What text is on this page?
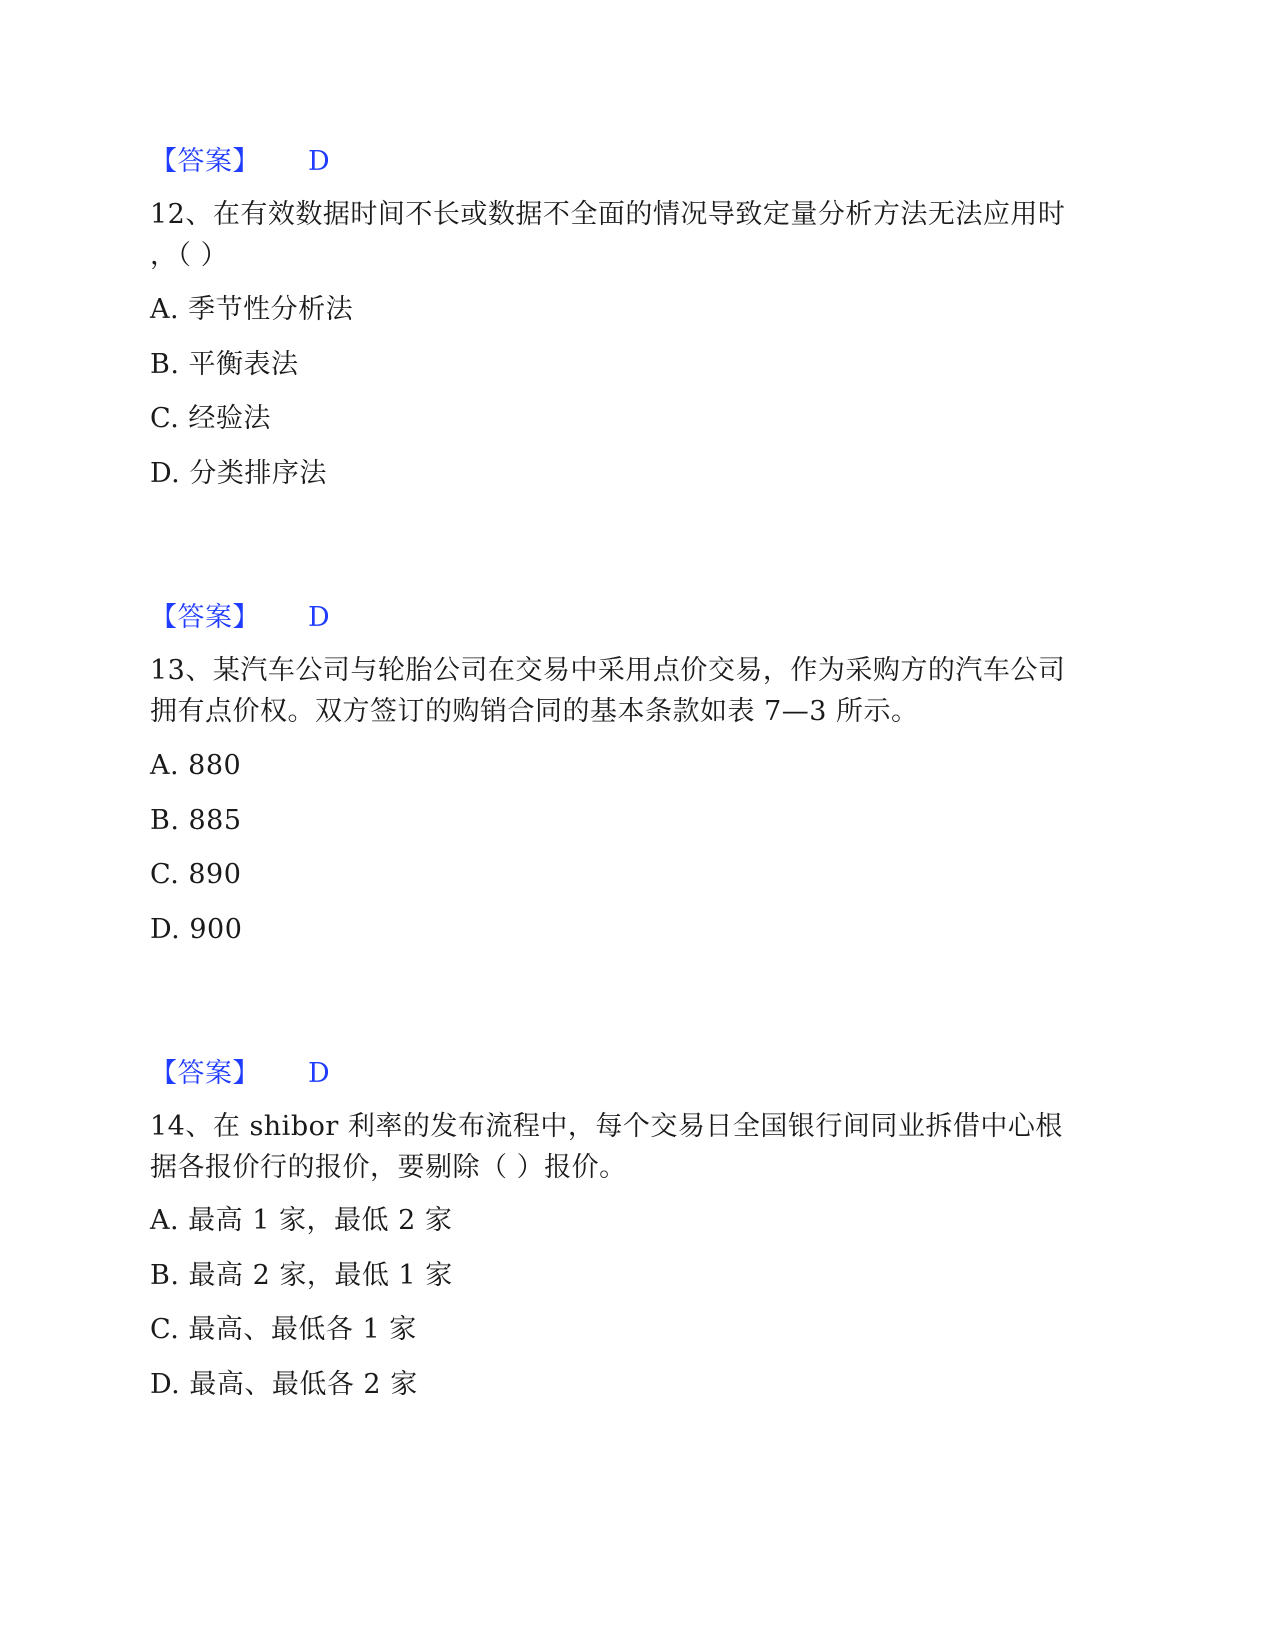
【答案】 D
12、在有效数据时间不长或数据不全面的情况导致定量分析方法无法应用时
，（ ）
A. 季节性分析法
B. 平衡表法
C. 经验法
D. 分类排序法
【答案】 D
13、某汽车公司与轮胎公司在交易中采用点价交易，作为采购方的汽车公司
拥有点价权。双方签订的购销合同的基本条款如表 7—3 所示。
A. 880
B. 885
C. 890
D. 900
【答案】 D
14、在 shibor 利率的发布流程中，每个交易日全国银行间同业拆借中心根
据各报价行的报价，要剔除（ ）报价。
A. 最高 1 家，最低 2 家
B. 最高 2 家，最低 1 家
C. 最高、最低各 1 家
D. 最高、最低各 2 家
